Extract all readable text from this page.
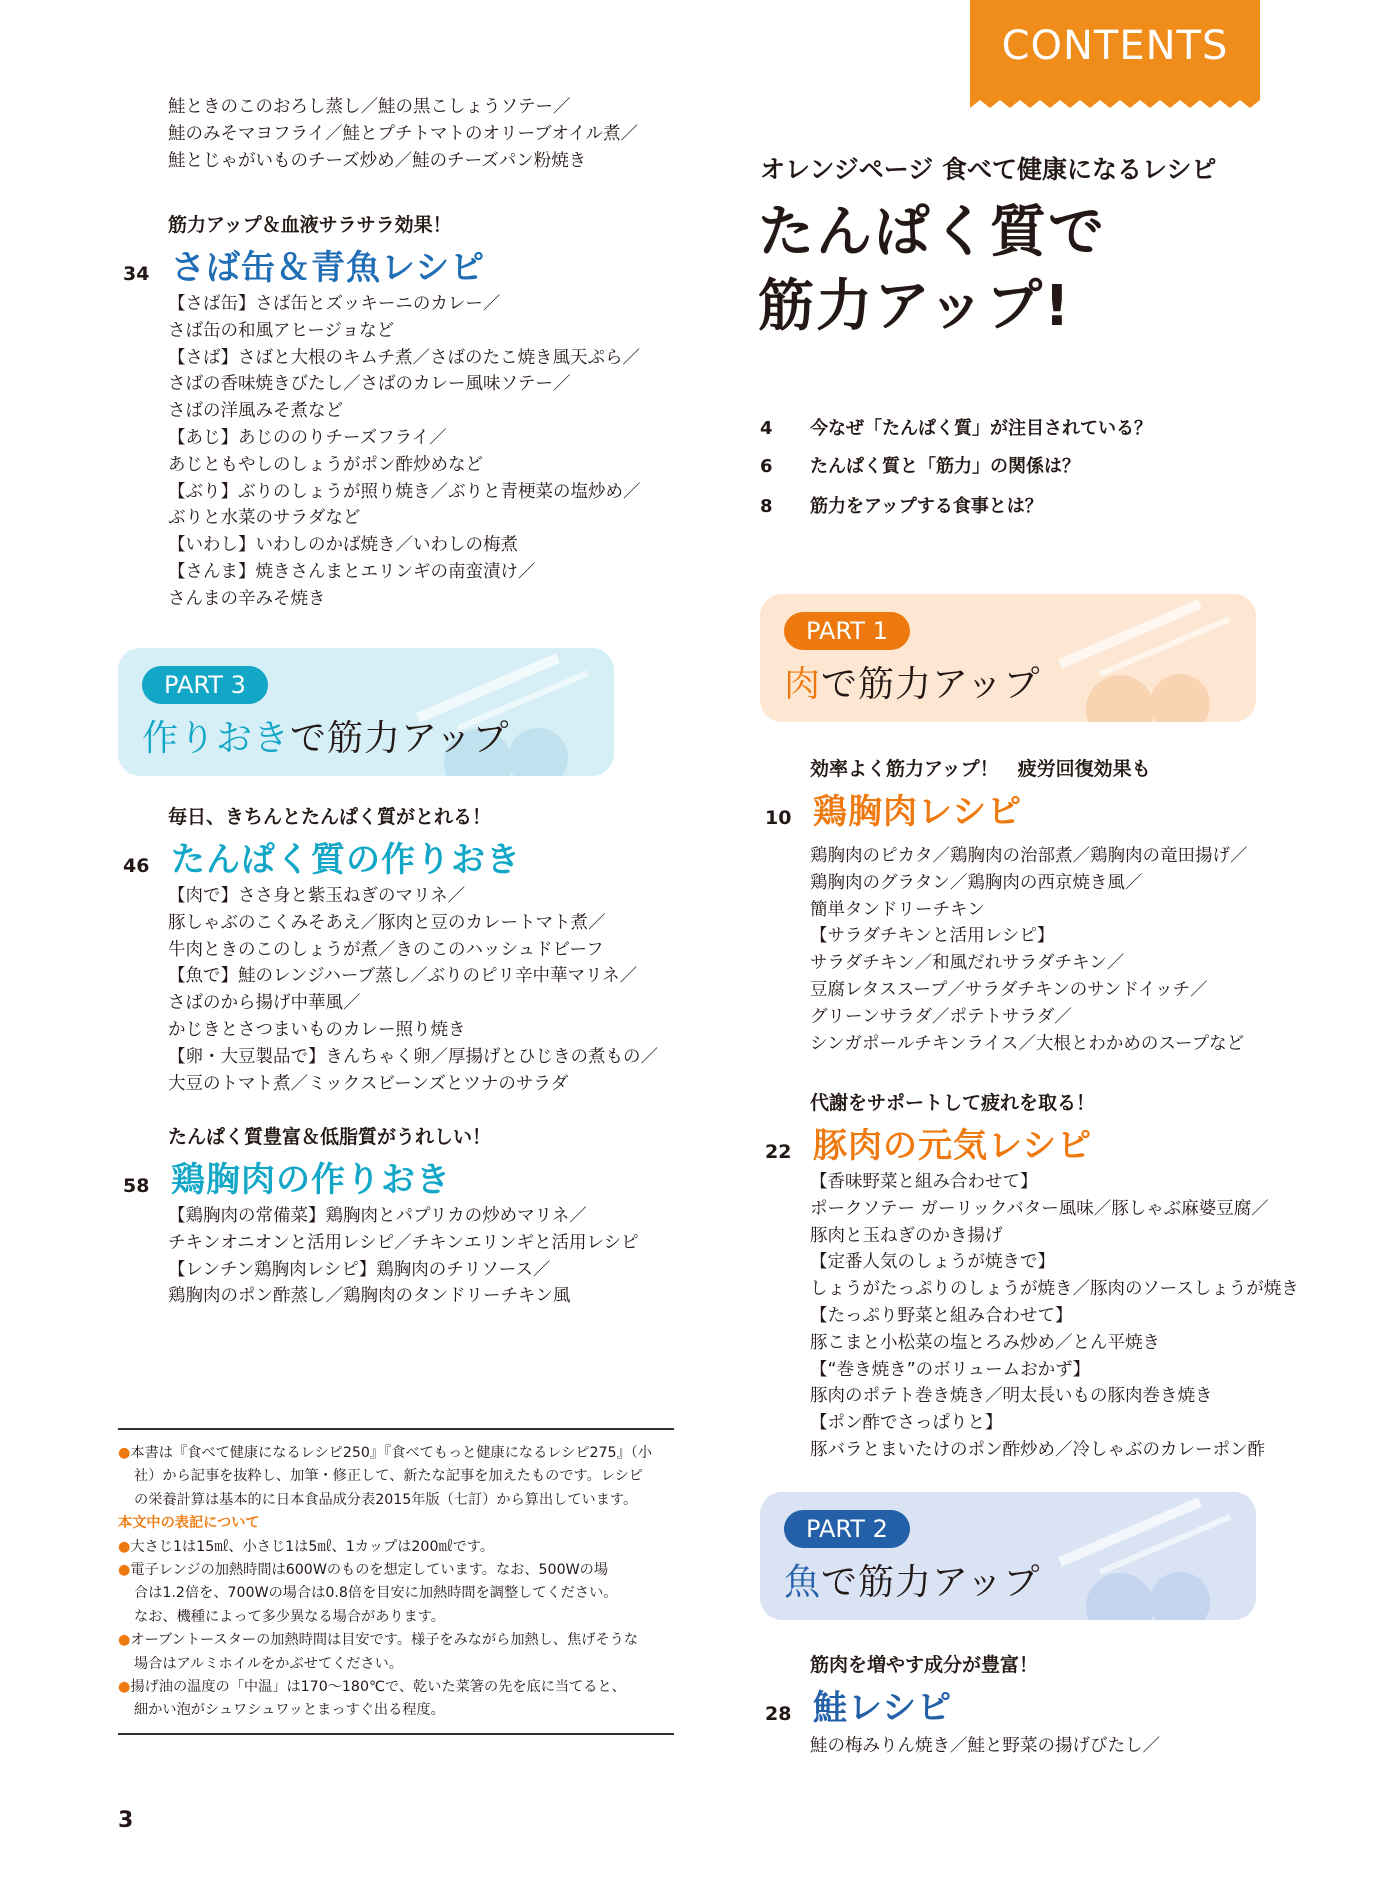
CONTENTS
オレンジページ 食べて健康になるレシピ
たんぱく質で
筋力アップ!
4 今なぜ「たんぱく質」が注目されている？
6 たんぱく質と「筋力」の関係は？
8 筋力をアップする食事とは？
PART 1
肉で筋力アップ
効率よく筋力アップ！　疲労回復効果も
10 鶏胸肉レシピ
鶏胸肉のピカタ／鶏胸肉の治部煮／鶏胸肉の竜田揚げ／
鶏胸肉のグラタン／鶏胸肉の西京焼き風／
簡単タンドリーチキン
【サラダチキンと活用レシピ】
サラダチキン／和風だれサラダチキン／
豆腐レタススープ／サラダチキンのサンドイッチ／
グリーンサラダ／ポテトサラダ／
シンガポールチキンライス／大根とわかめのスープなど
代謝をサポートして疲れを取る！
22 豚肉の元気レシピ
【香味野菜と組み合わせて】
ポークソテー ガーリックバター風味／豚しゃぶ麻婆豆腐／
豚肉と玉ねぎのかき揚げ
【定番人気のしょうが焼きで】
しょうがたっぷりのしょうが焼き／豚肉のソースしょうが焼き
【たっぷり野菜と組み合わせて】
豚こまと小松菜の塩とろみ炒め／とん平焼き
【“巻き焼き”のボリュームおかず】
豚肉のポテト巻き焼き／明太長いもの豚肉巻き焼き
【ポン酢でさっぱりと】
豚バラとまいたけのポン酢炒め／冷しゃぶのカレーポン酢
PART 2
魚で筋力アップ
筋肉を増やす成分が豊富！
28 鮭レシピ
鮭の梅みりん焼き／鮭と野菜の揚げびたし／
鮭ときのこのおろし蒸し／鮭の黒こしょうソテー／
鮭のみそマヨフライ／鮭とプチトマトのオリーブオイル煮／
鮭とじゃがいものチーズ炒め／鮭のチーズパン粉焼き
筋力アップ＆血液サラサラ効果！
34 さば缶＆青魚レシピ
【さば缶】さば缶とズッキーニのカレー／
さば缶の和風アヒージョなど
【さば】さばと大根のキムチ煮／さばのたこ焼き風天ぷら／
さばの香味焼きびたし／さばのカレー風味ソテー／
さばの洋風みそ煮など
【あじ】あじののりチーズフライ／
あじともやしのしょうがポン酢炒めなど
【ぶり】ぶりのしょうが照り焼き／ぶりと青梗菜の塩炒め／
ぶりと水菜のサラダなど
【いわし】いわしのかば焼き／いわしの梅煮
【さんま】焼きさんまとエリンギの南蛮漬け／
さんまの辛みそ焼き
PART 3
作りおきで筋力アップ
毎日、きちんとたんぱく質がとれる！
46 たんぱく質の作りおき
【肉で】ささ身と紫玉ねぎのマリネ／
豚しゃぶのこくみそあえ／豚肉と豆のカレートマト煮／
牛肉ときのこのしょうが煮／きのこのハッシュドビーフ
【魚で】鮭のレンジハーブ蒸し／ぶりのピリ辛中華マリネ／
さばのから揚げ中華風／
かじきとさつまいものカレー照り焼き
【卵・大豆製品で】きんちゃく卵／厚揚げとひじきの煮もの／
大豆のトマト煮／ミックスビーンズとツナのサラダ
たんぱく質豊富＆低脂質がうれしい！
58 鶏胸肉の作りおき
【鶏胸肉の常備菜】鶏胸肉とパプリカの炒めマリネ／
チキンオニオンと活用レシピ／チキンエリンギと活用レシピ
【レンチン鶏胸肉レシピ】鶏胸肉のチリソース／
鶏胸肉のポン酢蒸し／鶏胸肉のタンドリーチキン風
●本書は『食べて健康になるレシピ250』『食べてもっと健康になるレシピ275』（小
社）から記事を抜粋し、加筆・修正して、新たな記事を加えたものです。レシピ
の栄養計算は基本的に日本食品成分表2015年版（七訂）から算出しています。
本文中の表記について
●大さじ1は15㎖、小さじ1は5㎖、1カップは200㎖です。
●電子レンジの加熱時間は600Wのものを想定しています。なお、500Wの場
合は1.2倍を、700Wの場合は0.8倍を目安に加熱時間を調整してください。
なお、機種によって多少異なる場合があります。
●オーブントースターの加熱時間は目安です。様子をみながら加熱し、焦げそうな
場合はアルミホイルをかぶせてください。
●揚げ油の温度の「中温」は170～180℃で、乾いた菜箸の先を底に当てると、
細かい泡がシュワシュワッとまっすぐ出る程度。
3
